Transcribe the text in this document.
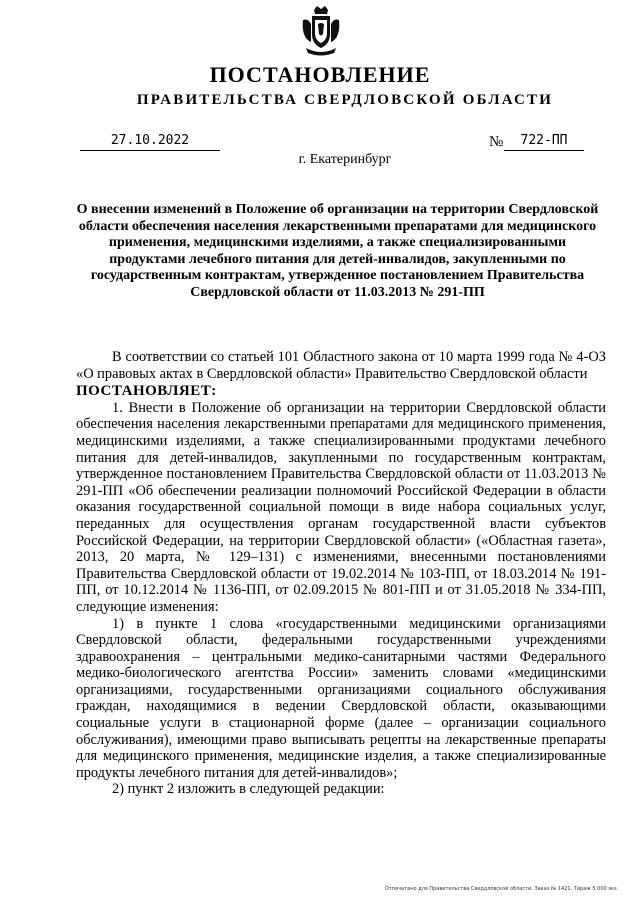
ПОСТАНОВЛЕНИЕ
ПРАВИТЕЛЬСТВА СВЕРДЛОВСКОЙ ОБЛАСТИ
27.10.2022	№	722-ПП
г. Екатеринбург
О внесении изменений в Положение об организации на территории Свердловской области обеспечения населения лекарственными препаратами для медицинского применения, медицинскими изделиями, а также специализированными продуктами лечебного питания для детей-инвалидов, закупленными по государственным контрактам, утвержденное постановлением Правительства Свердловской области от 11.03.2013 № 291-ПП

В соответствии со статьей 101 Областного закона от 10 марта 1999 года № 4-ОЗ «О правовых актах в Свердловской области» Правительство Свердловской области

ПОСТАНОВЛЯЕТ:

1. Внести в Положение об организации на территории Свердловской области обеспечения населения лекарственными препаратами для медицинского применения, медицинскими изделиями, а также специализированными продуктами лечебного питания для детей-инвалидов, закупленными по государственным контрактам, утвержденное постановлением Правительства Свердловской области от 11.03.2013 № 291-ПП «Об обеспечении реализации полномочий Российской Федерации в области оказания государственной социальной помощи в виде набора социальных услуг, переданных для осуществления органам государственной власти субъектов Российской Федерации, на территории Свердловской области» («Областная газета», 2013, 20 марта, № 129–131) с изменениями, внесенными постановлениями Правительства Свердловской области от 19.02.2014 № 103-ПП, от 18.03.2014 № 191-ПП, от 10.12.2014 № 1136-ПП, от 02.09.2015 № 801-ПП и от 31.05.2018 № 334-ПП, следующие изменения:

1) в пункте 1 слова «государственными медицинскими организациями Свердловской области, федеральными государственными учреждениями здравоохранения – центральными медико-санитарными частями Федерального медико-биологического агентства России» заменить словами «медицинскими организациями, государственными организациями социального обслуживания граждан, находящимися в ведении Свердловской области, оказывающими социальные услуги в стационарной форме (далее – организации социального обслуживания), имеющими право выписывать рецепты на лекарственные препараты для медицинского применения, медицинские изделия, а также специализированные продукты лечебного питания для детей-инвалидов»;

2) пункт 2 изложить в следующей редакции:

Отпечатано для Правительства Свердловской области. Заказ № 1421. Тираж 5 000 экз.
